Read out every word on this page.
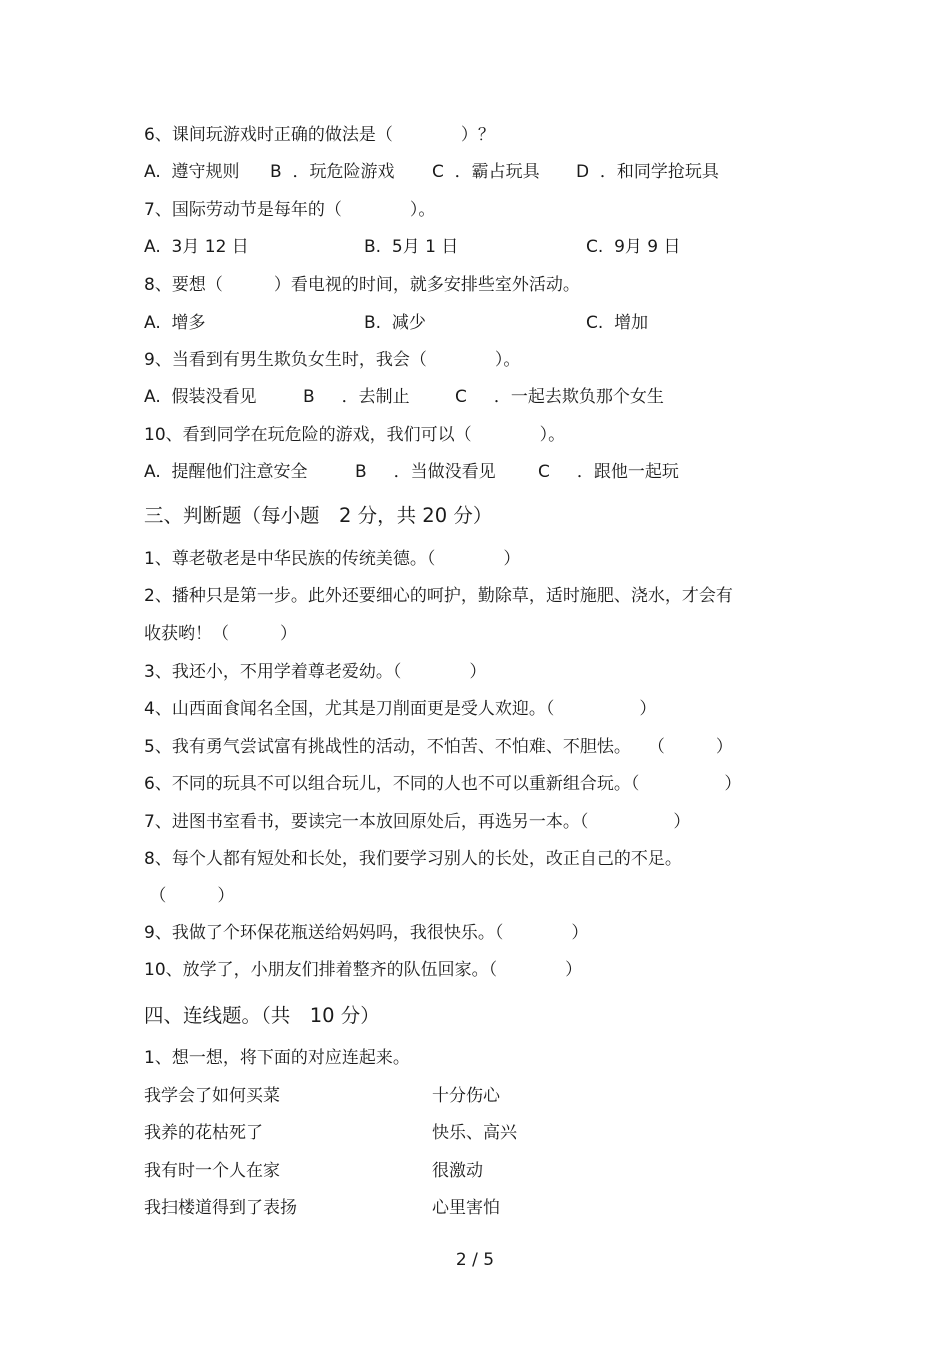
6、课间玩游戏时正确的做法是（　　　　）？
A.  遵守规则 B  ．玩危险游戏 C  ．霸占玩具 D  ．和同学抢玩具
7、国际劳动节是每年的（　　　　）。
A.  3月 12 日	B.  5月 1 日	C.  9月 9 日
8、要想（　　　）看电视的时间，就多安排些室外活动。
A.  增多	B.  减少	C.  增加
9、当看到有男生欺负女生时，我会（　　　　）。
A.  假装没看见	B     ．去制止	C     ．一起去欺负那个女生
10、看到同学在玩危险的游戏，我们可以（　　　　）。
A.  提醒他们注意安全	B     ．当做没看见 C     ．跟他一起玩
三、判断题（每小题　2 分，共 20 分）
1、尊老敬老是中华民族的传统美德。（　　　　）
2、播种只是第一步。此外还要细心的呵护，勤除草，适时施肥、浇水，才会有
收获哟！（　　　）
3、我还小，不用学着尊老爱幼。（　　　　）
4、山西面食闻名全国，尤其是刀削面更是受人欢迎。（　　　　　）
5、我有勇气尝试富有挑战性的活动，不怕苦、不怕难、不胆怯。　　（　　　）
6、不同的玩具不可以组合玩儿，不同的人也不可以重新组合玩。（　　　　　）
7、进图书室看书，要读完一本放回原处后，再选另一本。（　　　　　）
8、每个人都有短处和长处，我们要学习别人的长处，改正自己的不足。
（　　　）
9、我做了个环保花瓶送给妈妈吗，我很快乐。（　　　　）
10、放学了，小朋友们排着整齐的队伍回家。（　　　　）
四、连线题。（共　10 分）
1、想一想，将下面的对应连起来。
我学会了如何买菜	十分伤心
我养的花枯死了	快乐、高兴
我有时一个人在家	很激动
我扫楼道得到了表扬	心里害怕
2 / 5
